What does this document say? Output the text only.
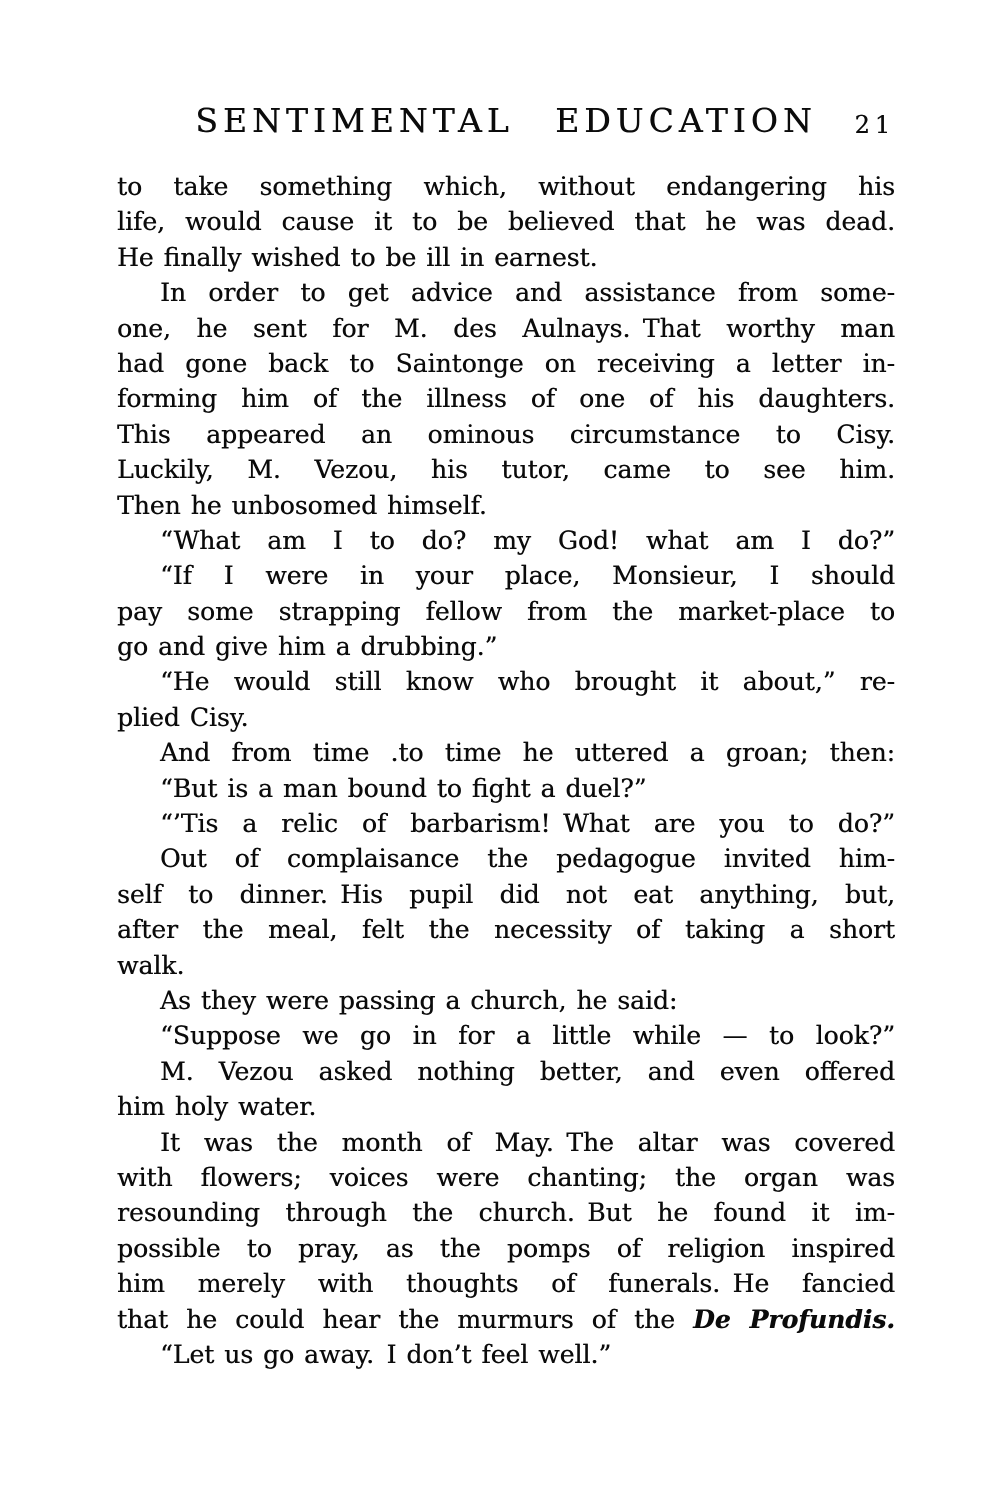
SENTIMENTAL EDUCATION	21
to take something which, without endangering his
life, would cause it to be believed that he was dead.
He finally wished to be ill in earnest.
In order to get advice and assistance from some-
one, he sent for M. des Aulnays. That worthy man
had gone back to Saintonge on receiving a letter in-
forming him of the illness of one of his daughters.
This appeared an ominous circumstance to Cisy.
Luckily, M. Vezou, his tutor, came to see him.
Then he unbosomed himself.
“What am I to do? my God! what am I do?”
“If I were in your place, Monsieur, I should
pay some strapping fellow from the market-place to
go and give him a drubbing.”
“He would still know who brought it about,” re-
plied Cisy.
And from time .to time he uttered a groan; then:
“But is a man bound to fight a duel?”
“’Tis a relic of barbarism! What are you to do?”
Out of complaisance the pedagogue invited him-
self to dinner. His pupil did not eat anything, but,
after the meal, felt the necessity of taking a short
walk.
As they were passing a church, he said:
“Suppose we go in for a little while — to look?”
M. Vezou asked nothing better, and even offered
him holy water.
It was the month of May. The altar was covered
with flowers; voices were chanting; the organ was
resounding through the church. But he found it im-
possible to pray, as the pomps of religion inspired
him merely with thoughts of funerals. He fancied
that he could hear the murmurs of the De Profundis.
“Let us go away. I don’t feel well.”
